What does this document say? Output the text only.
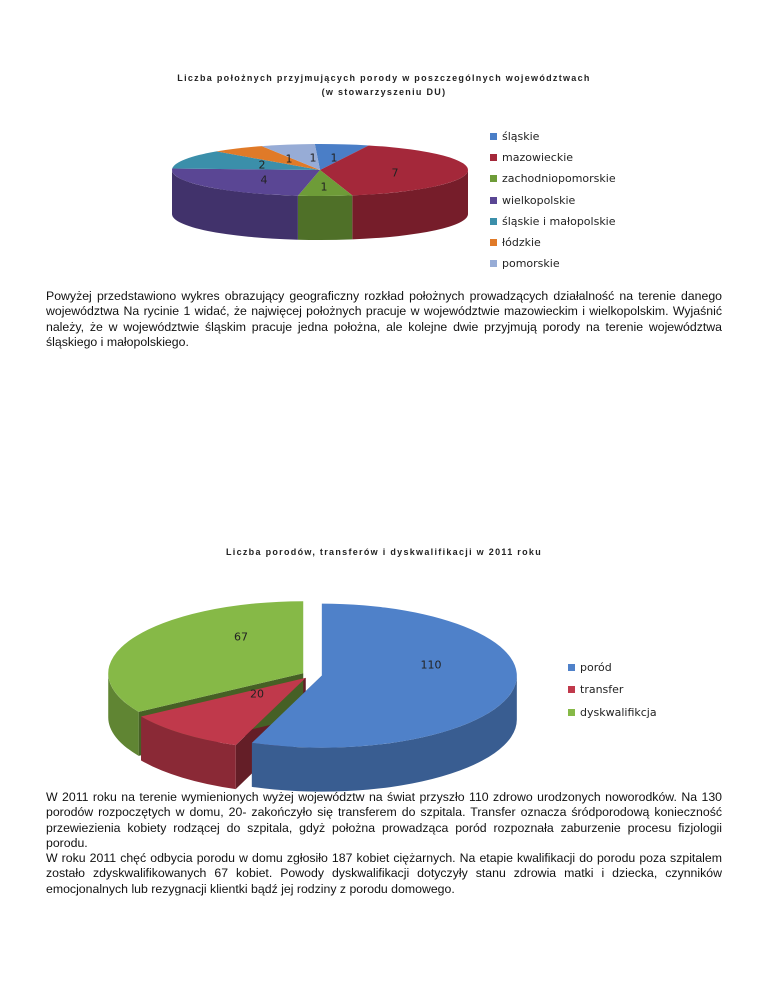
Liczba położnych przyjmujących porody w poszczególnych województwach
(w stowarzyszeniu DU)
1
7
1
4
2 1 1
śląskie
mazowieckie
zachodniopomorskie
wielkopolskie
śląskie i małopolskie
łódzkie
pomorskie

Powyżej przedstawiono wykres obrazujący geograficzny rozkład położnych prowadzących działalność na terenie danego województwa Na rycinie 1 widać, że najwięcej położnych pracuje w województwie mazowieckim i wielkopolskim. Wyjaśnić należy, że w województwie śląskim pracuje jedna położna, ale kolejne dwie przyjmują porody na terenie województwa śląskiego i małopolskiego.

Liczba porodów, transferów i dyskwalifikacji w 2011 roku
110
20
67
poród
transfer
dyskwalifikcja
W 2011 roku na terenie wymienionych wyżej województw na świat przyszło 110 zdrowo urodzonych noworodków. Na 130 porodów rozpoczętych w domu, 20- zakończyło się transferem do szpitala. Transfer oznacza śródporodową konieczność przewiezienia kobiety rodzącej do szpitala, gdyż położna prowadząca poród rozpoznała zaburzenie procesu fizjologii porodu.
W roku 2011 chęć odbycia porodu w domu zgłosiło 187 kobiet ciężarnych. Na etapie kwalifikacji do porodu poza szpitalem zostało zdyskwalifikowanych 67 kobiet. Powody dyskwalifikacji dotyczyły stanu zdrowia matki i dziecka, czynników emocjonalnych lub rezygnacji klientki bądź jej rodziny z porodu domowego.
